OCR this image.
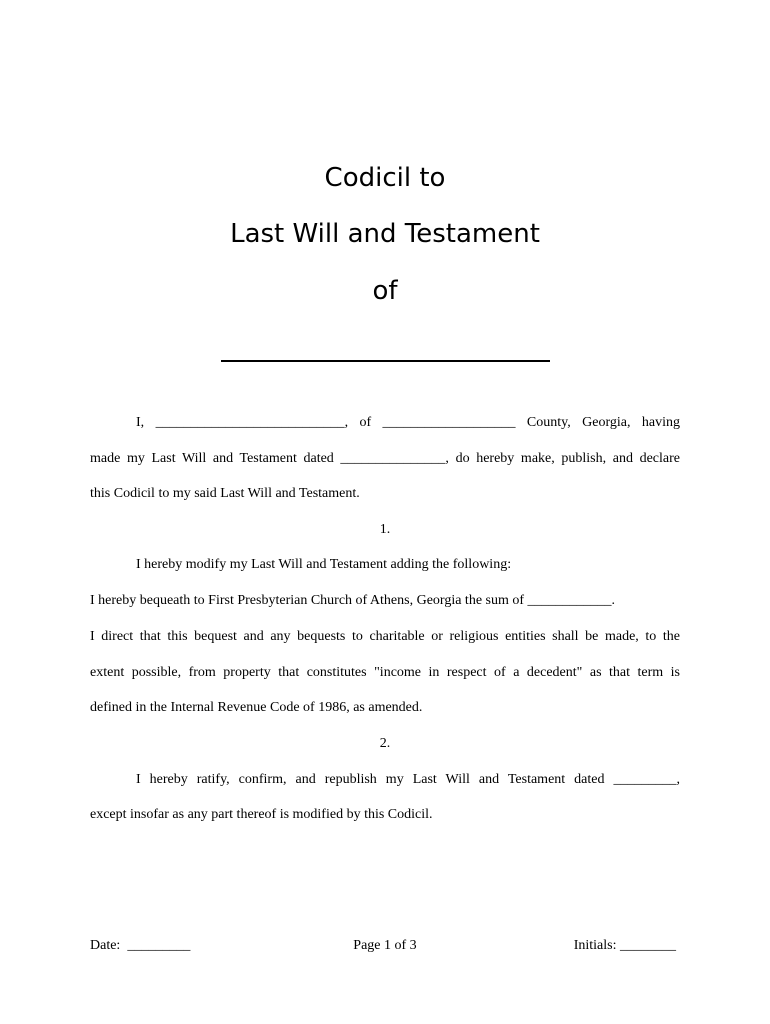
Codicil to
Last Will and Testament
of

I, ___________________________, of ___________________ County, Georgia, having

made my Last Will and Testament dated _______________, do hereby make, publish, and declare

this Codicil to my said Last Will and Testament.

1.

I hereby modify my Last Will and Testament adding the following:

I hereby bequeath to First Presbyterian Church of Athens, Georgia the sum of ____________.

I direct that this bequest and any bequests to charitable or religious entities shall be made, to the

extent possible, from property that constitutes "income in respect of a decedent" as that term is

defined in the Internal Revenue Code of 1986, as amended.

2.

I hereby ratify, confirm, and republish my Last Will and Testament dated _________,

except insofar as any part thereof is modified by this Codicil.

Date:  _________	Page 1 of 3	Initials: ________
